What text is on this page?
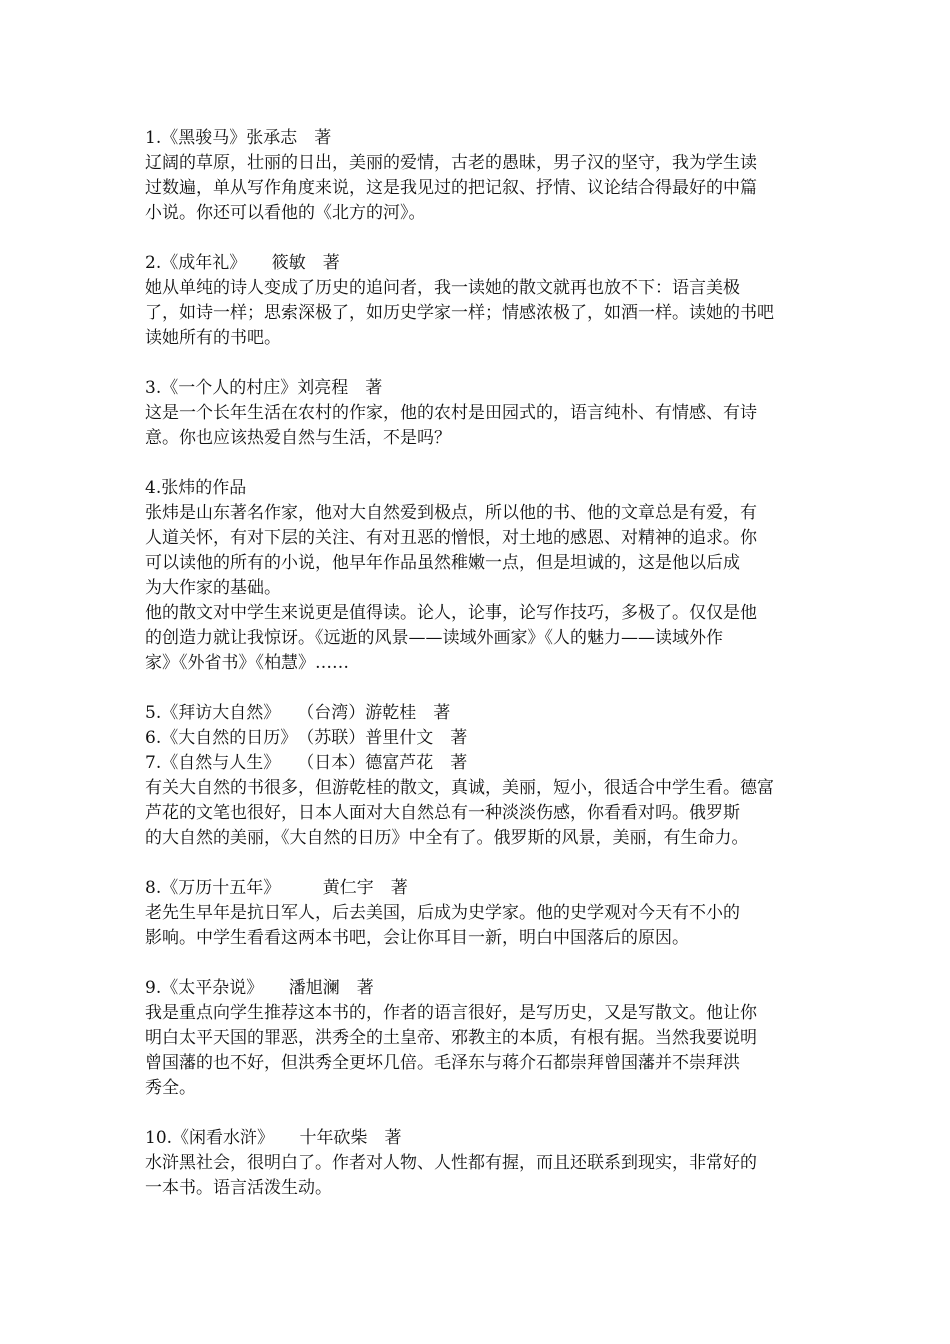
1.《黑骏马》张承志　著
辽阔的草原，壮丽的日出，美丽的爱情，古老的愚昧，男子汉的坚守，我为学生读
过数遍，单从写作角度来说，这是我见过的把记叙、抒情、议论结合得最好的中篇
小说。你还可以看他的《北方的河》。
2.《成年礼》　　筱敏　著
她从单纯的诗人变成了历史的追问者，我一读她的散文就再也放不下：语言美极
了，如诗一样；思索深极了，如历史学家一样；情感浓极了，如酒一样。读她的书吧
读她所有的书吧。
3.《一个人的村庄》刘亮程　著
这是一个长年生活在农村的作家，他的农村是田园式的，语言纯朴、有情感、有诗
意。你也应该热爱自然与生活，不是吗？
4.张炜的作品
张炜是山东著名作家，他对大自然爱到极点，所以他的书、他的文章总是有爱，有
人道关怀，有对下层的关注、有对丑恶的憎恨，对土地的感恩、对精神的追求。你
可以读他的所有的小说，他早年作品虽然稚嫩一点，但是坦诚的，这是他以后成
为大作家的基础。
他的散文对中学生来说更是值得读。论人，论事，论写作技巧，多极了。仅仅是他
的创造力就让我惊讶。《远逝的风景——读域外画家》《人的魅力——读域外作
家》《外省书》《柏慧》……
5.《拜访大自然》　　（台湾）游乾桂　著
6.《大自然的日历》　（苏联）普里什文　著
7.《自然与人生》　　（日本）德富芦花　著
有关大自然的书很多，但游乾桂的散文，真诚，美丽，短小，很适合中学生看。德富
芦花的文笔也很好，日本人面对大自然总有一种淡淡伤感，你看看对吗。俄罗斯
的大自然的美丽，《大自然的日历》中全有了。俄罗斯的风景，美丽，有生命力。
8.《万历十五年》　　　黄仁宇　著
老先生早年是抗日军人，后去美国，后成为史学家。他的史学观对今天有不小的
影响。中学生看看这两本书吧，会让你耳目一新，明白中国落后的原因。
9.《太平杂说》　　潘旭澜　著
我是重点向学生推荐这本书的，作者的语言很好，是写历史，又是写散文。他让你
明白太平天国的罪恶，洪秀全的土皇帝、邪教主的本质，有根有据。当然我要说明
曾国藩的也不好，但洪秀全更坏几倍。毛泽东与蒋介石都崇拜曾国藩并不崇拜洪
秀全。
10.《闲看水浒》　　十年砍柴　著
水浒黑社会，很明白了。作者对人物、人性都有握，而且还联系到现实，非常好的
一本书。语言活泼生动。
